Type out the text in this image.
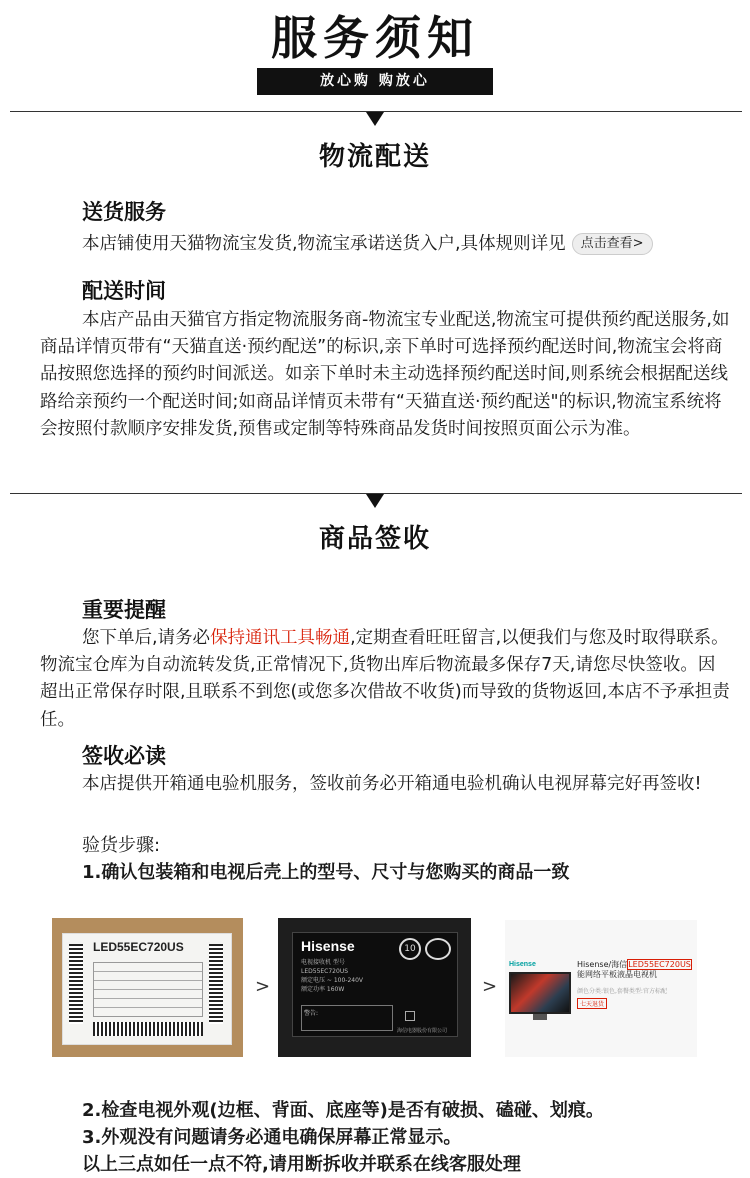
服务须知
放心购 购放心
物流配送
送货服务
本店铺使用天猫物流宝发货,物流宝承诺送货入户,具体规则详见 点击查看>
配送时间
本店产品由天猫官方指定物流服务商-物流宝专业配送,物流宝可提供预约配送服务,如商品详情页带有“天猫直送·预约配送”的标识,亲下单时可选择预约配送时间,物流宝会将商品按照您选择的预约时间派送。如亲下单时未主动选择预约配送时间,则系统会根据配送线路给亲预约一个配送时间;如商品详情页未带有“天猫直送·预约配送"的标识,物流宝系统将会按照付款顺序安排发货,预售或定制等特殊商品发货时间按照页面公示为准。
商品签收
重要提醒
您下单后,请务必保持通讯工具畅通,定期查看旺旺留言,以便我们与您及时取得联系。物流宝仓库为自动流转发货,正常情况下,货物出库后物流最多保存7天,请您尽快签收。因超出正常保存时限,且联系不到您(或您多次借故不收货)而导致的货物返回,本店不予承担责任。
签收必读
本店提供开箱通电验机服务，签收前务必开箱通电验机确认电视屏幕完好再签收!
验货步骤:
1.确认包装箱和电视后壳上的型号、尺寸与您购买的商品一致
LED55EC720US
>
Hisense	10
电视接收机 型号
LED55EC720US
额定电压 ~ 100-240V
额定功率 160W
警告:
海信电器股份有限公司
>
Hisense	Hisense/海信LED55EC720US
能网络平板液晶电视机
颜色分类:银色,套餐类型:官方标配
七天退货
2.检查电视外观(边框、背面、底座等)是否有破损、磕碰、划痕。
3.外观没有问题请务必通电确保屏幕正常显示。
以上三点如任一点不符,请用断拆收并联系在线客服处理
